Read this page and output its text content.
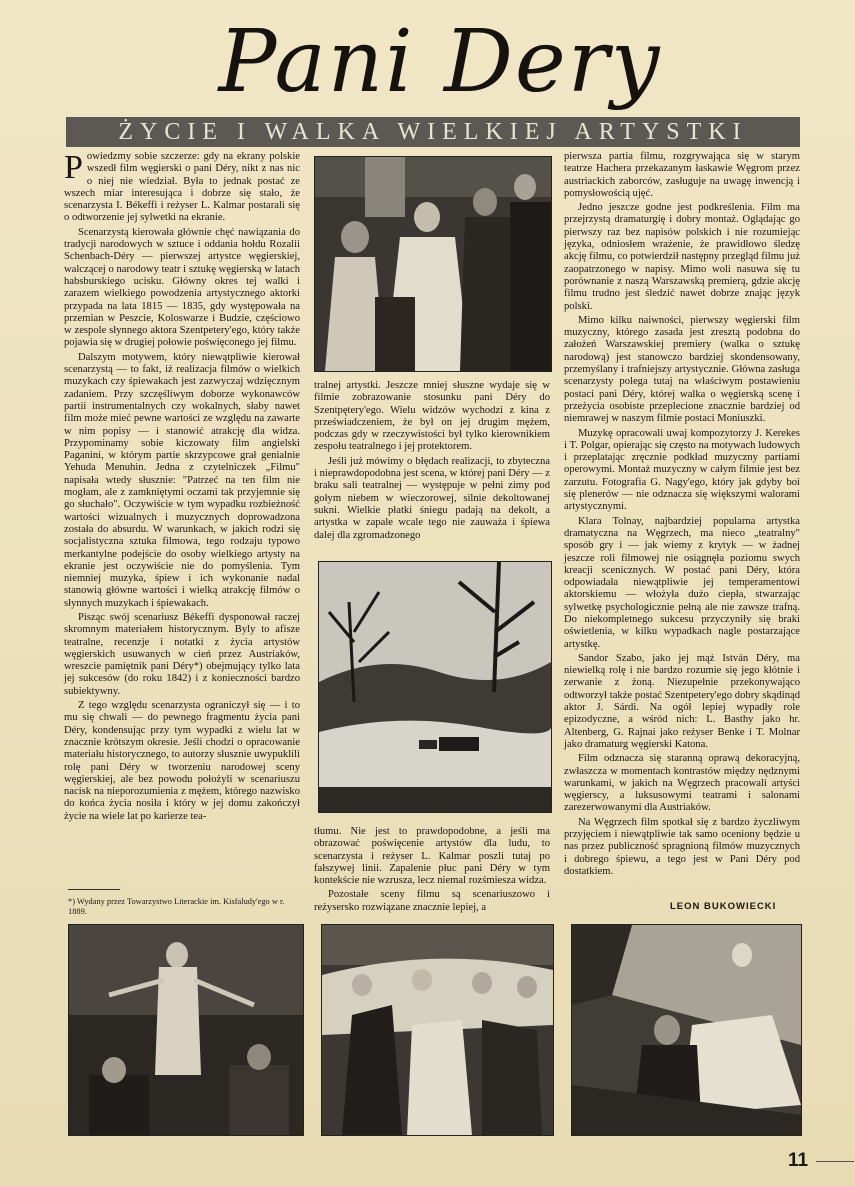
Pani Dery
ŻYCIE I WALKA WIELKIEJ ARTYSTKI

Powiedzmy sobie szczerze: gdy na ekrany polskie wszedł film węgierski o pani Déry, nikt z nas nic o niej nie wiedział. Była to jednak postać ze wszech miar interesująca i dobrze się stało, że scenarzysta I. Békeffi i reżyser L. Kalmar postarali się o odtworzenie jej sylwetki na ekranie.

Scenarzystą kierowała głównie chęć nawiązania do tradycji narodowych w sztuce i oddania hołdu Rozalii Schenbach-Déry — pierwszej artystce węgierskiej, walczącej o narodowy teatr i sztukę węgierską w latach habsburskiego ucisku. Główny okres tej walki i zarazem wielkiego powodzenia artystycznego aktorki przypada na lata 1815 — 1835, gdy występowała na przemian w Peszcie, Koloswarze i Budzie, częściowo w zespole słynnego aktora Szentpetery'ego, który także pojawia się w drugiej połowie poświęconego jej filmu.

Dalszym motywem, który niewątpliwie kierował scenarzystą — to fakt, iż realizacja filmów o wielkich muzykach czy śpiewakach jest zazwyczaj wdzięcznym zadaniem. Przy szczęśliwym doborze wykonawców partii instrumentalnych czy wokalnych, słaby nawet film może mieć pewne wartości ze względu na zawarte w nim popisy — i stanowić atrakcję dla widza. Przypominamy sobie kiczowaty film angielski Paganini, w którym partie skrzypcowe grał genialnie Yehuda Menuhin. Jedna z czytelniczek „Filmu" napisała wtedy słusznie: "Patrzeć na ten film nie mogłam, ale z zamkniętymi oczami tak przyjemnie się go słuchało". Oczywiście w tym wypadku rozbieżność wartości wizualnych i muzycznych doprowadzona została do absurdu. W warunkach, w jakich rodzi się socjalistyczna sztuka filmowa, tego rodzaju typowo merkantylne podejście do osoby wielkiego artysty na ekranie jest oczywiście nie do pomyślenia. Tym niemniej muzyka, śpiew i ich wykonanie nadal stanowią główne wartości i wielką atrakcję filmów o słynnych muzykach i śpiewakach.

Pisząc swój scenariusz Békeffi dysponował raczej skromnym materiałem historycznym. Byly to afisze teatralne, recenzje i notatki z życia artystów węgierskich usuwanych w cień przez Austriaków, wreszcie pamiętnik pani Déry*) obejmujący tylko lata jej sukcesów (do roku 1842) i z konieczności bardzo subiektywny.

Z tego względu scenarzysta ograniczył się — i to mu się chwali — do pewnego fragmentu życia pani Déry, kondensując przy tym wypadki z wielu lat w znacznie krótszym okresie. Jeśli chodzi o opracowanie materiału historycznego, to autorzy słusznie uwypuklili rolę pani Déry w tworzeniu narodowej sceny węgierskiej, ale bez powodu położyli w scenariuszu nacisk na nieporozumienia z mężem, którego nazwisko do końca życia nosiła i który w jej domu zakończył życie na wiele lat po karierze tea-

*) Wydany przez Towarzystwo Literackie im. Kisfaludy'ego w r. 1889.

tralnej artystki. Jeszcze mniej słuszne wydaje się w filmie zobrazowanie stosunku pani Déry do Szentpętery'ego. Wielu widzów wychodzi z kina z przeświadczeniem, że był on jej drugim mężem, podczas gdy w rzeczywistości był tylko kierownikiem zespołu teatralnego i jej protektorem.

Jeśli już mówimy o błędach realizacji, to zbyteczna i nieprawdopodobna jest scena, w której pani Déry — z braku sali teatralnej — występuje w pełni zimy pod gołym niebem w wieczorowej, silnie dekoltowanej sukni. Wielkie płatki śniegu padają na dekolt, a artystka w zapale wcale tego nie zauważa i śpiewa dalej dla zgromadzonego

tłumu. Nie jest to prawdopodobne, a jeśli ma obrazować poświęcenie artystów dla ludu, to scenarzysta i reżyser L. Kalmar poszli tutaj po fałszywej linii. Zapalenie płuc pani Déry w tym kontekście nie wzrusza, lecz niemal rozśmiesza widza.

Pozostałe sceny filmu są scenariuszowo i reżysersko rozwiązane znacznie lepiej, a

pierwsza partia filmu, rozgrywająca się w starym teatrze Hachera przekazanym łaskawie Węgrom przez austriackich zaborców, zasługuje na uwagę inwencją i pomysłowością ujęć.

Jedno jeszcze godne jest podkreślenia. Film ma przejrzystą dramaturgię i dobry montaż. Oglądając go pierwszy raz bez napisów polskich i nie rozumiejąc języka, odniosłem wrażenie, że prawidłowo śledzę akcję filmu, co potwierdził następny przegląd filmu już zaopatrzonego w napisy. Mimo woli nasuwa się tu porównanie z naszą Warszawską premierą, gdzie akcję filmu trudno jest śledzić nawet dobrze znając język polski.

Mimo kilku naiwności, pierwszy węgierski film muzyczny, którego zasada jest zresztą podobna do założeń Warszawskiej premiery (walka o sztukę narodową) jest stanowczo bardziej skondensowany, przemyślany i trafniejszy artystycznie. Główna zasługa scenarzysty polega tutaj na właściwym postawieniu postaci pani Déry, której walka o węgierską scenę i przeżycia osobiste przeplecione znacznie bardziej od niemrawej w naszym filmie postaci Moniuszki.

Muzykę opracowali uwaj kompozytorzy J. Kerekes i T. Polgar, opierając się często na motywach ludowych i przeplatając zręcznie podkład muzyczny partiami operowymi. Montaż muzyczny w całym filmie jest bez zarzutu. Fotografia G. Nagy'ego, który jak gdyby boi się plenerów — nie odznacza się większymi walorami artystycznymi.

Klara Tolnay, najbardziej popularna artystka dramatyczna na Węgrzech, ma nieco „teatralny" sposób gry i — jak wiemy z krytyk — w żadnej jeszcze roli filmowej nie osiągnęła poziomu swych kreacji scenicznych. W postać pani Déry, która odpowiadała niewątpliwie jej temperamentowi aktorskiemu — włożyła dużo ciepła, stwarzając sylwetkę psychologicznie pełną ale nie zawsze trafną. Do niekompletnego sukcesu przyczyniły się braki oświetlenia, w kilku wypadkach nagle postarzające artystkę.

Sandor Szabo, jako jej mąż István Déry, ma niewielką rolę i nie bardzo rozumie się jego kłótnie i zerwanie z żoną. Niezupełnie przekonywająco odtworzył także postać Szentpetery'ego dobry skądinąd aktor J. Sárdi. Na ogół lepiej wypadły role epizodyczne, a wśród nich: L. Basthy jako hr. Altenberg, G. Rajnai jako reżyser Benke i T. Molnar jako dramaturg węgierski Katona.

Film odznacza się staranną oprawą dekoracyjną, zwłaszcza w momentach kontrastów między nędznymi warunkami, w jakich na Węgrzech pracowali artyści węgierscy, a luksusowymi teatrami i salonami zarezerwowanymi dla Austriaków.

Na Węgrzech film spotkał się z bardzo życzliwym przyjęciem i niewątpliwie tak samo oceniony będzie u nas przez publiczność spragnioną filmów muzycznych i dobrego śpiewu, a tego jest w Pani Déry pod dostatkiem.

LEON BUKOWIECKI
11
